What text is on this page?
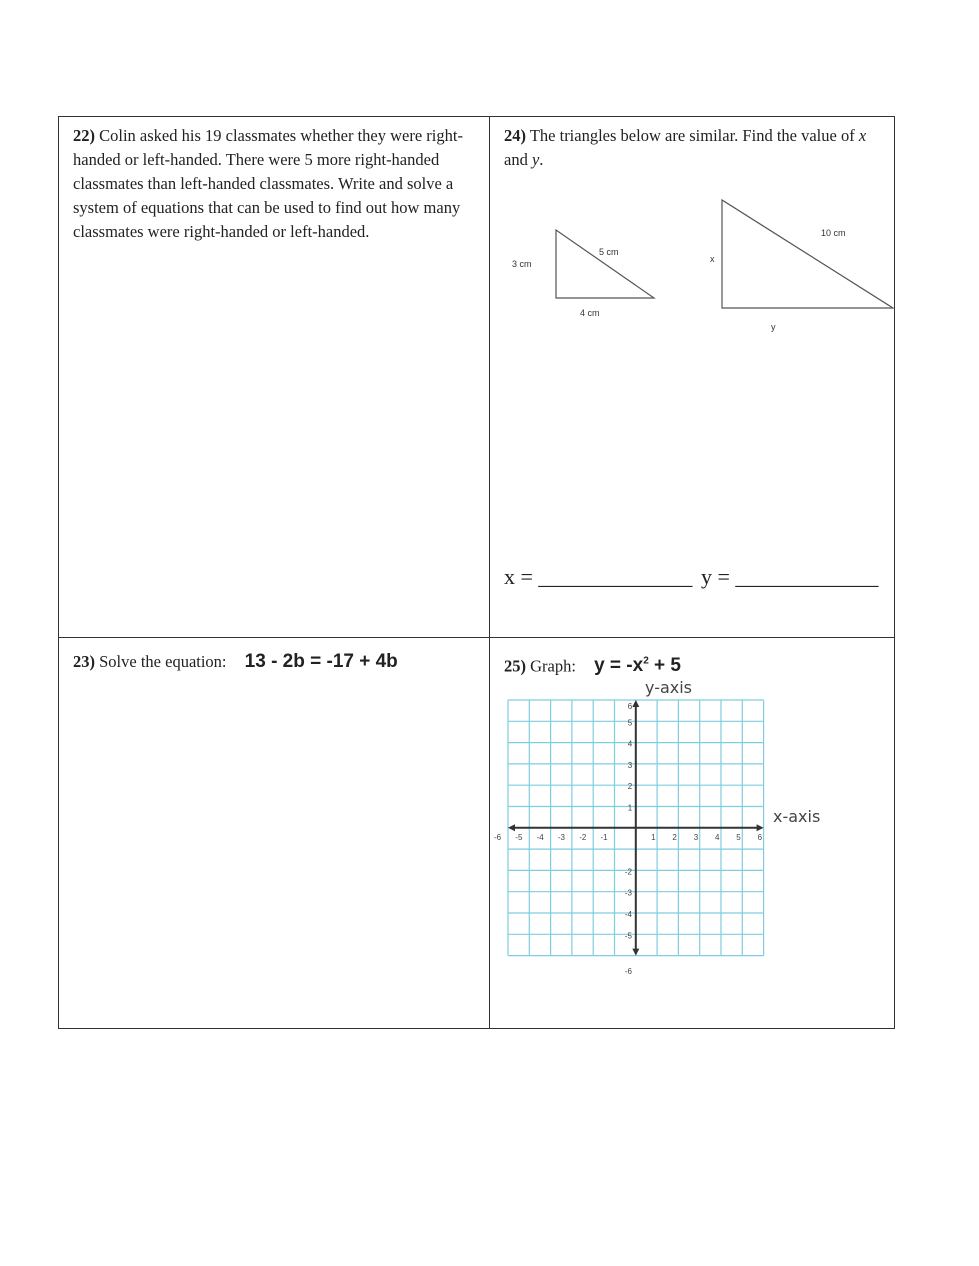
22) Colin asked his 19 classmates whether they were right-handed or left-handed. There were 5 more right-handed classmates than left-handed classmates. Write and solve a system of equations that can be used to find out how many classmates were right-handed or left-handed.
24) The triangles below are similar. Find the value of x and y.
3 cm
5 cm
4 cm
x
10 cm
y
x = ______________ y = _____________
23) Solve the equation: 13 - 2b = -17 + 4b	25) Graph: $y = -x^2 + 5$
y-axis
x-axis
-6 -5 -4 -3 -2 -1	1 2 3 4 5 6
6
5
4
3
2
1
-2
-3
-4
-5
-6
